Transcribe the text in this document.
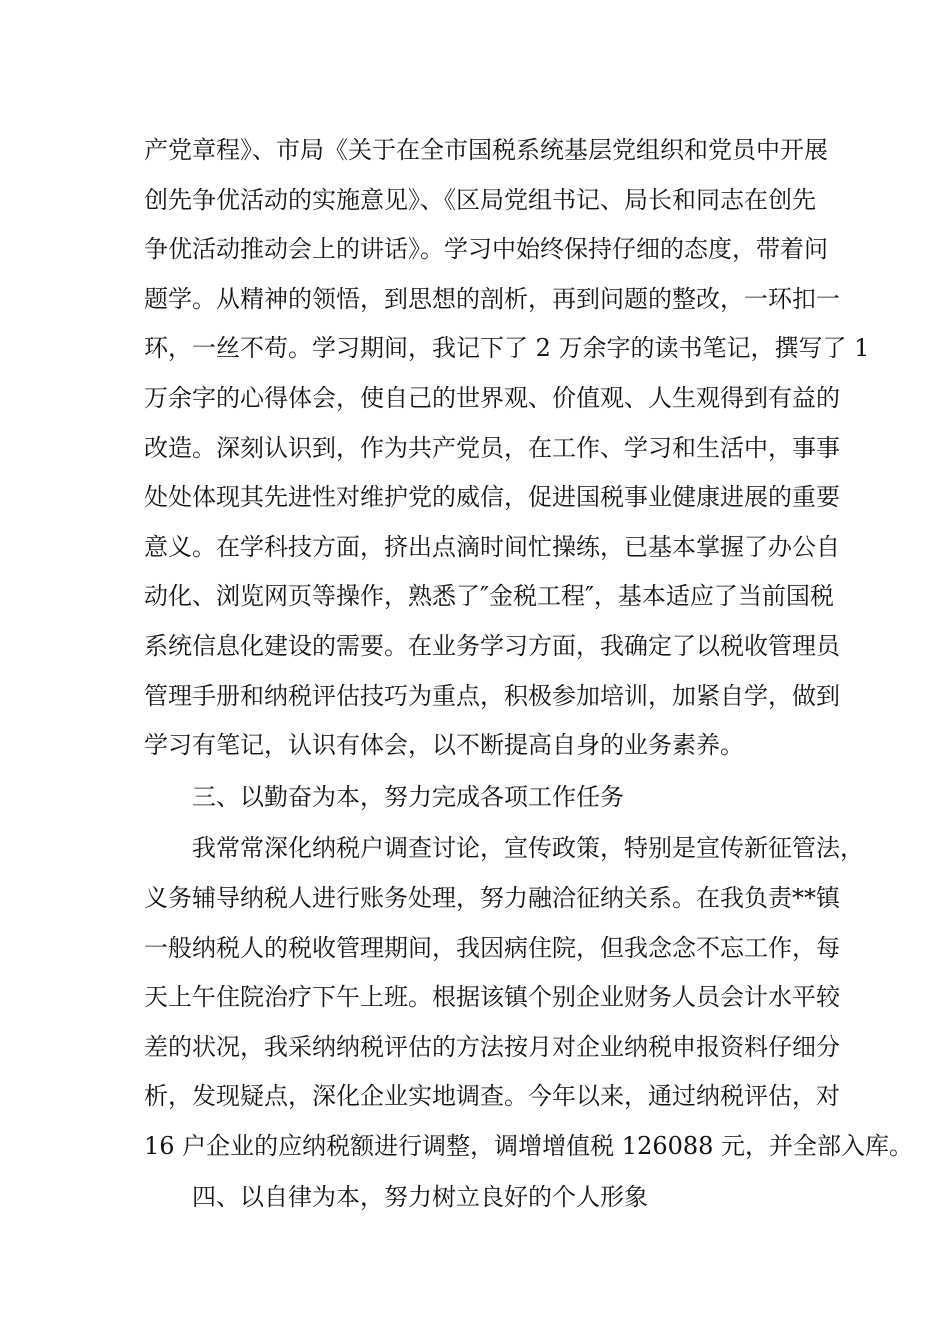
产党章程》、市局《关于在全市国税系统基层党组织和党员中开展
创先争优活动的实施意见》、《区局党组书记、局长和同志在创先
争优活动推动会上的讲话》。学习中始终保持仔细的态度，带着问
题学。从精神的领悟，到思想的剖析，再到问题的整改，一环扣一
环，一丝不苟。学习期间，我记下了 2 万余字的读书笔记，撰写了 1
万余字的心得体会，使自己的世界观、价值观、人生观得到有益的
改造。深刻认识到，作为共产党员，在工作、学习和生活中，事事
处处体现其先进性对维护党的威信，促进国税事业健康进展的重要
意义。在学科技方面，挤出点滴时间忙操练，已基本掌握了办公自
动化、浏览网页等操作，熟悉了″金税工程″，基本适应了当前国税
系统信息化建设的需要。在业务学习方面，我确定了以税收管理员
管理手册和纳税评估技巧为重点，积极参加培训，加紧自学，做到
学习有笔记，认识有体会，以不断提高自身的业务素养。
三、以勤奋为本，努力完成各项工作任务
我常常深化纳税户调查讨论，宣传政策，特别是宣传新征管法，
义务辅导纳税人进行账务处理，努力融洽征纳关系。在我负责**镇
一般纳税人的税收管理期间，我因病住院，但我念念不忘工作，每
天上午住院治疗下午上班。根据该镇个别企业财务人员会计水平较
差的状况，我采纳纳税评估的方法按月对企业纳税申报资料仔细分
析，发现疑点，深化企业实地调查。今年以来，通过纳税评估，对
16 户企业的应纳税额进行调整，调增增值税 126088 元，并全部入库。
四、以自律为本，努力树立良好的个人形象
